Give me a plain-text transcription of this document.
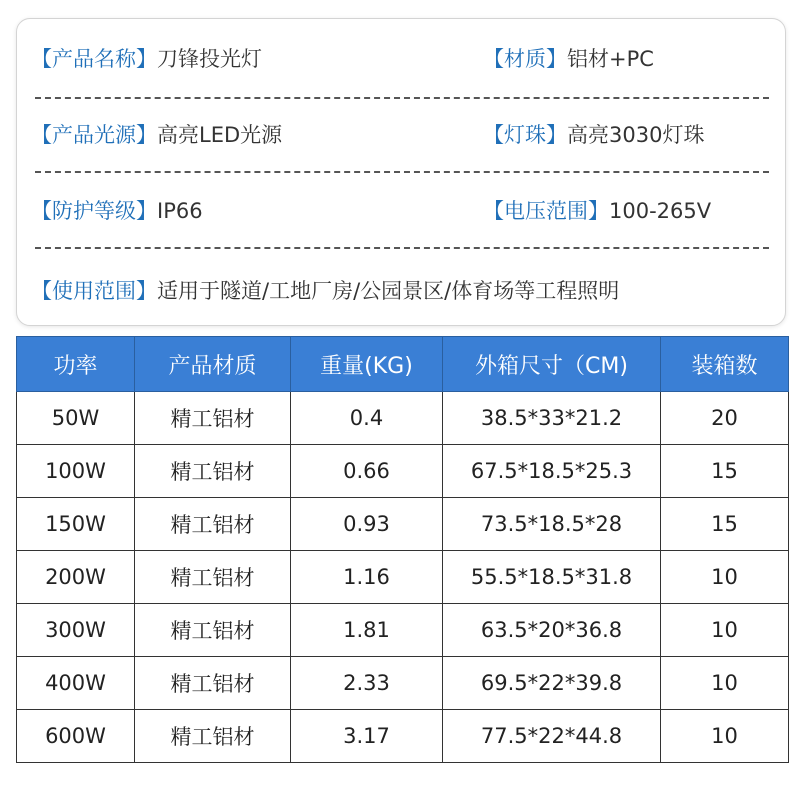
【产品名称】刀锋投光灯	【材质】铝材+PC
【产品光源】高亮LED光源	【灯珠】高亮3030灯珠
【防护等级】IP66	【电压范围】100-265V
【使用范围】适用于隧道/工地厂房/公园景区/体育场等工程照明
功率	产品材质	重量(KG)	外箱尺寸（CM)	装箱数
50W	精工铝材	0.4	38.5*33*21.2	20
100W	精工铝材	0.66	67.5*18.5*25.3	15
150W	精工铝材	0.93	73.5*18.5*28	15
200W	精工铝材	1.16	55.5*18.5*31.8	10
300W	精工铝材	1.81	63.5*20*36.8	10
400W	精工铝材	2.33	69.5*22*39.8	10
600W	精工铝材	3.17	77.5*22*44.8	10
